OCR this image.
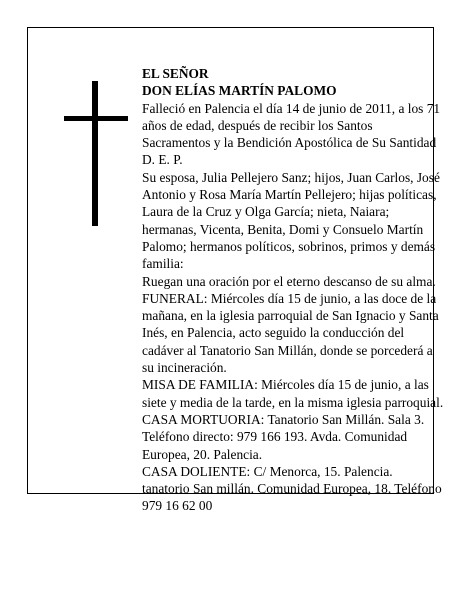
EL SEÑOR
DON ELÍAS MARTÍN PALOMO
Falleció en Palencia el día 14 de junio de 2011, a los 71
años de edad, después de recibir los Santos
Sacramentos y la Bendición Apostólica de Su Santidad
D. E. P.
Su esposa, Julia Pellejero Sanz; hijos, Juan Carlos, José
Antonio y Rosa María Martín Pellejero; hijas políticas,
Laura de la Cruz y Olga García; nieta, Naiara;
hermanas, Vicenta, Benita, Domi y Consuelo Martín
Palomo; hermanos políticos, sobrinos, primos y demás
familia:
Ruegan una oración por el eterno descanso de su alma.
FUNERAL: Miércoles día 15 de junio, a las doce de la
mañana, en la iglesia parroquial de San Ignacio y Santa
Inés, en Palencia, acto seguido la conducción del
cadáver al Tanatorio San Millán, donde se porcederá a
su incineración.
MISA DE FAMILIA: Miércoles día 15 de junio, a las
siete y media de la tarde, en la misma iglesia parroquial.
CASA MORTUORIA: Tanatorio San Millán. Sala 3.
Teléfono directo: 979 166 193. Avda. Comunidad
Europea, 20. Palencia.
CASA DOLIENTE: C/ Menorca, 15. Palencia.
tanatorio San millán. Comunidad Europea, 18. Teléfono
979 16 62 00
